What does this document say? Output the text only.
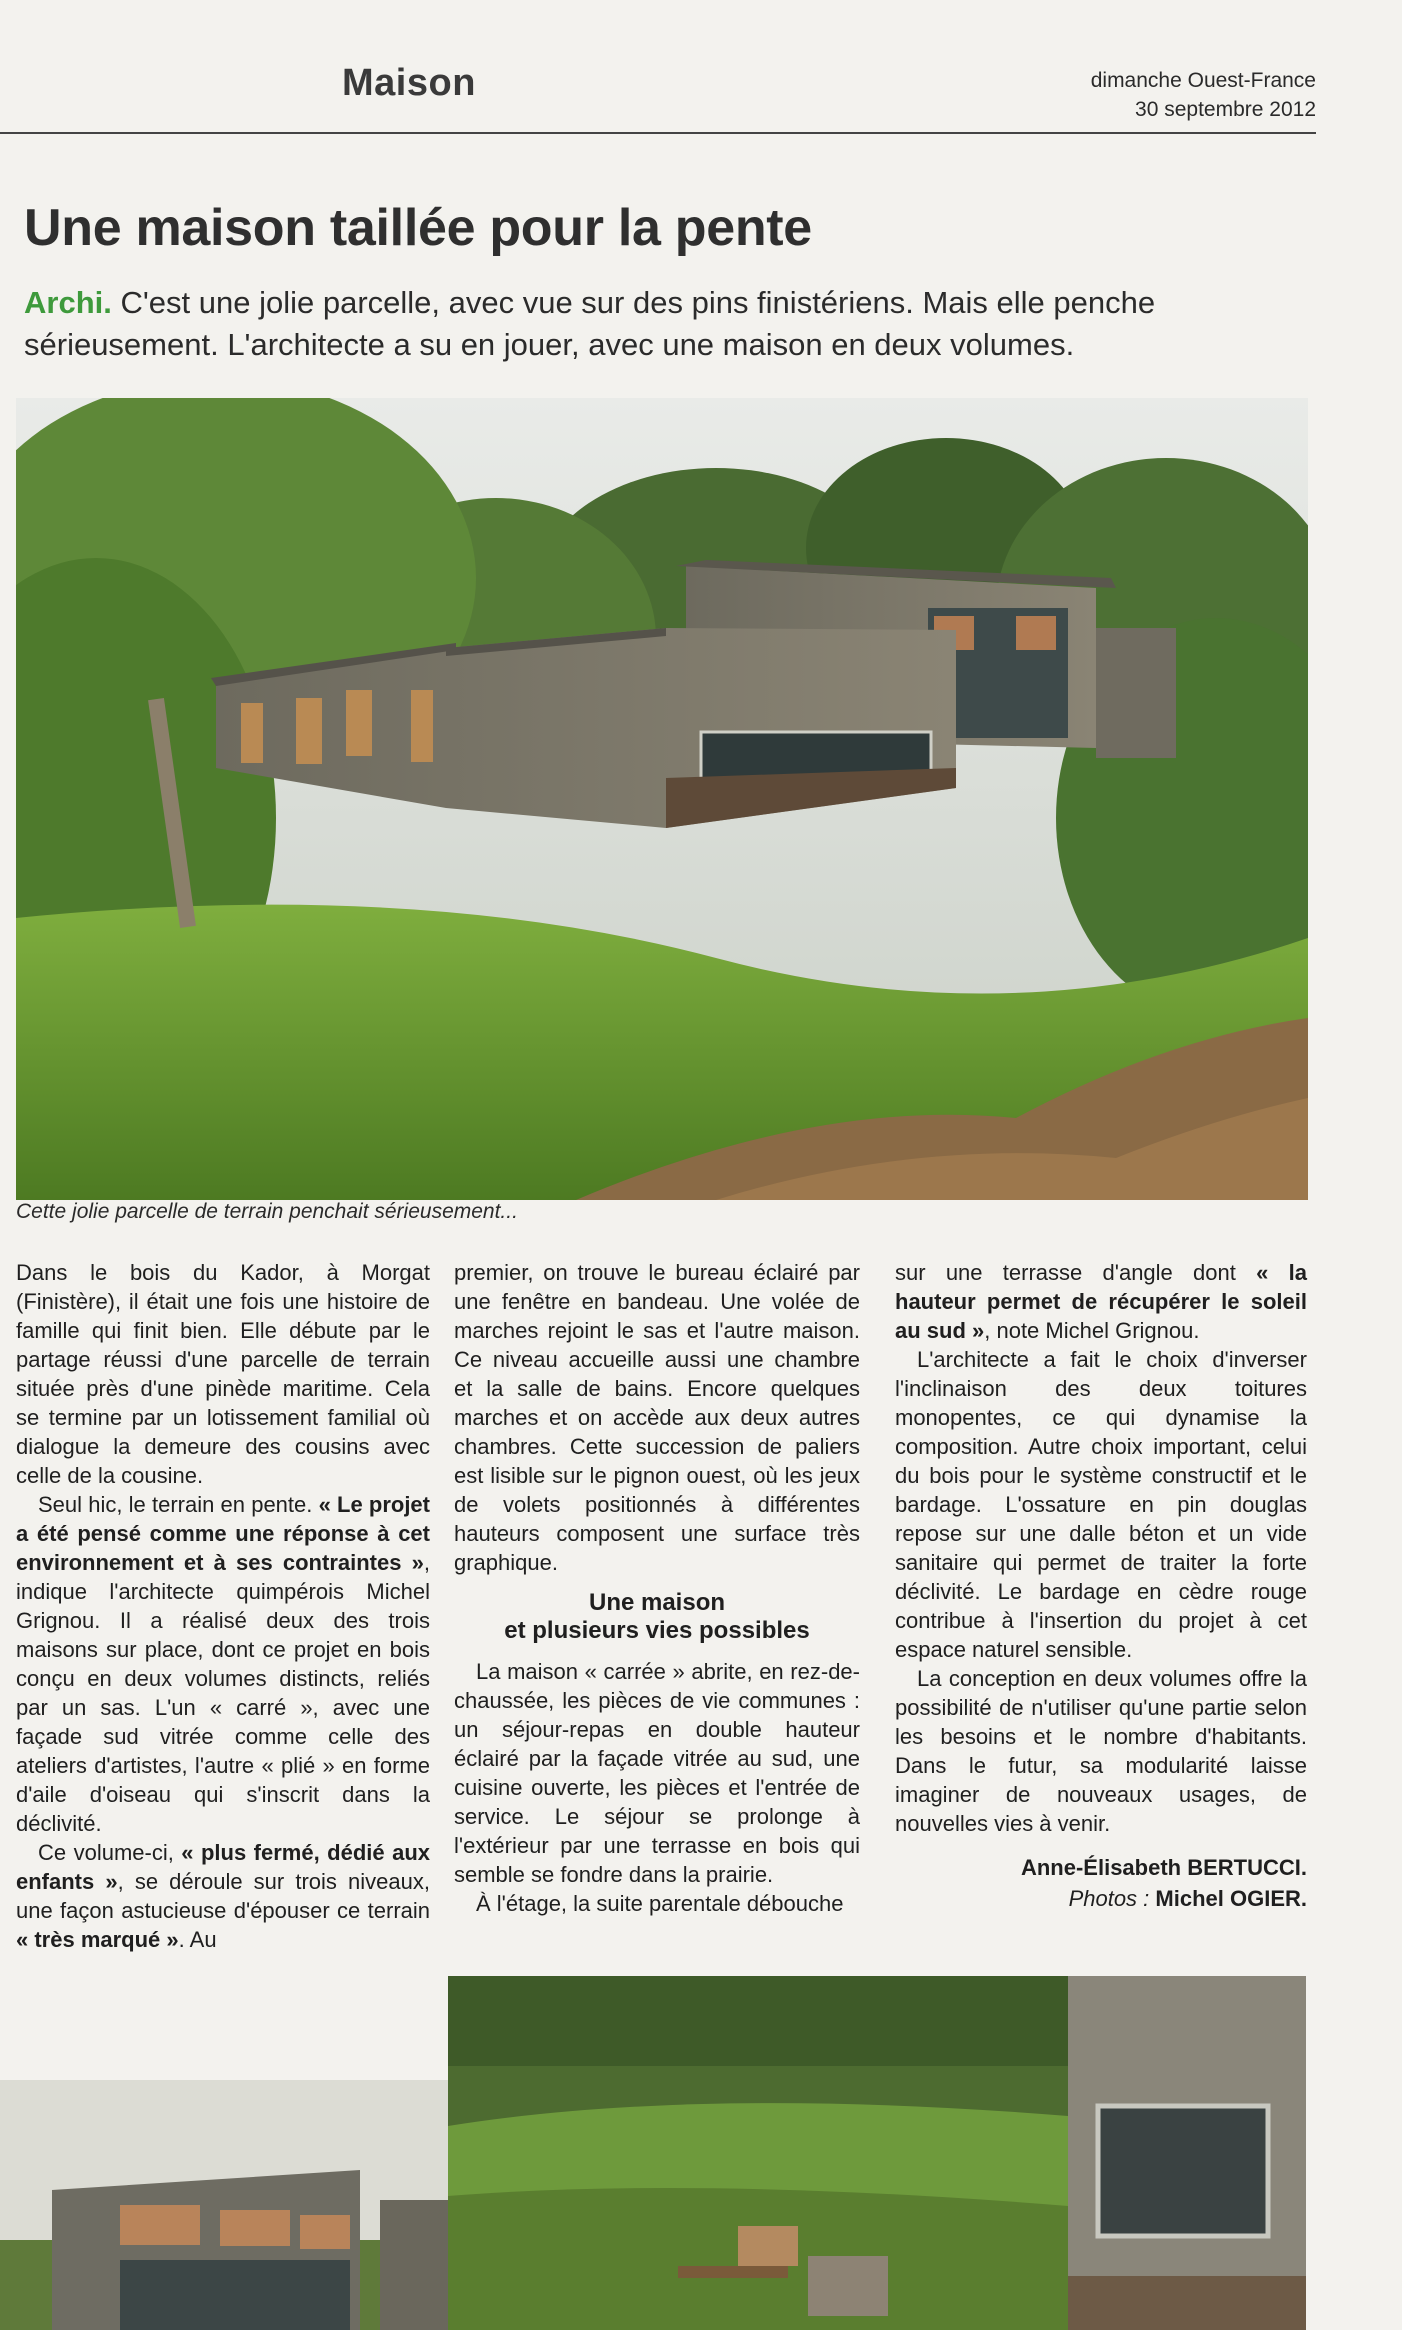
Maison	dimanche Ouest-France
30 septembre 2012
Une maison taillée pour la pente
Archi. C'est une jolie parcelle, avec vue sur des pins finistériens. Mais elle penche sérieusement. L'architecte a su en jouer, avec une maison en deux volumes.
Cette jolie parcelle de terrain penchait sérieusement...

Dans le bois du Kador, à Morgat (Finistère), il était une fois une histoire de famille qui finit bien. Elle débute par le partage réussi d'une parcelle de terrain située près d'une pinède maritime. Cela se termine par un lotissement familial où dialogue la demeure des cousins avec celle de la cousine.

Seul hic, le terrain en pente. « Le projet a été pensé comme une réponse à cet environnement et à ses contraintes », indique l'architecte quimpérois Michel Grignou. Il a réalisé deux des trois maisons sur place, dont ce projet en bois conçu en deux volumes distincts, reliés par un sas. L'un « carré », avec une façade sud vitrée comme celle des ateliers d'artistes, l'autre « plié » en forme d'aile d'oiseau qui s'inscrit dans la déclivité.

Ce volume-ci, « plus fermé, dédié aux enfants », se déroule sur trois niveaux, une façon astucieuse d'épouser ce terrain « très marqué ». Au

premier, on trouve le bureau éclairé par une fenêtre en bandeau. Une volée de marches rejoint le sas et l'autre maison. Ce niveau accueille aussi une chambre et la salle de bains. Encore quelques marches et on accède aux deux autres chambres. Cette succession de paliers est lisible sur le pignon ouest, où les jeux de volets positionnés à différentes hauteurs composent une surface très graphique.

Une maison
et plusieurs vies possibles

La maison « carrée » abrite, en rez-de-chaussée, les pièces de vie communes : un séjour-repas en double hauteur éclairé par la façade vitrée au sud, une cuisine ouverte, les pièces et l'entrée de service. Le séjour se prolonge à l'extérieur par une terrasse en bois qui semble se fondre dans la prairie.

À l'étage, la suite parentale débouche

sur une terrasse d'angle dont « la hauteur permet de récupérer le soleil au sud », note Michel Grignou.

L'architecte a fait le choix d'inverser l'inclinaison des deux toitures monopentes, ce qui dynamise la composition. Autre choix important, celui du bois pour le système constructif et le bardage. L'ossature en pin douglas repose sur une dalle béton et un vide sanitaire qui permet de traiter la forte déclivité. Le bardage en cèdre rouge contribue à l'insertion du projet à cet espace naturel sensible.

La conception en deux volumes offre la possibilité de n'utiliser qu'une partie selon les besoins et le nombre d'habitants. Dans le futur, sa modularité laisse imaginer de nouveaux usages, de nouvelles vies à venir.

Anne-Élisabeth BERTUCCI.
Photos : Michel OGIER.
